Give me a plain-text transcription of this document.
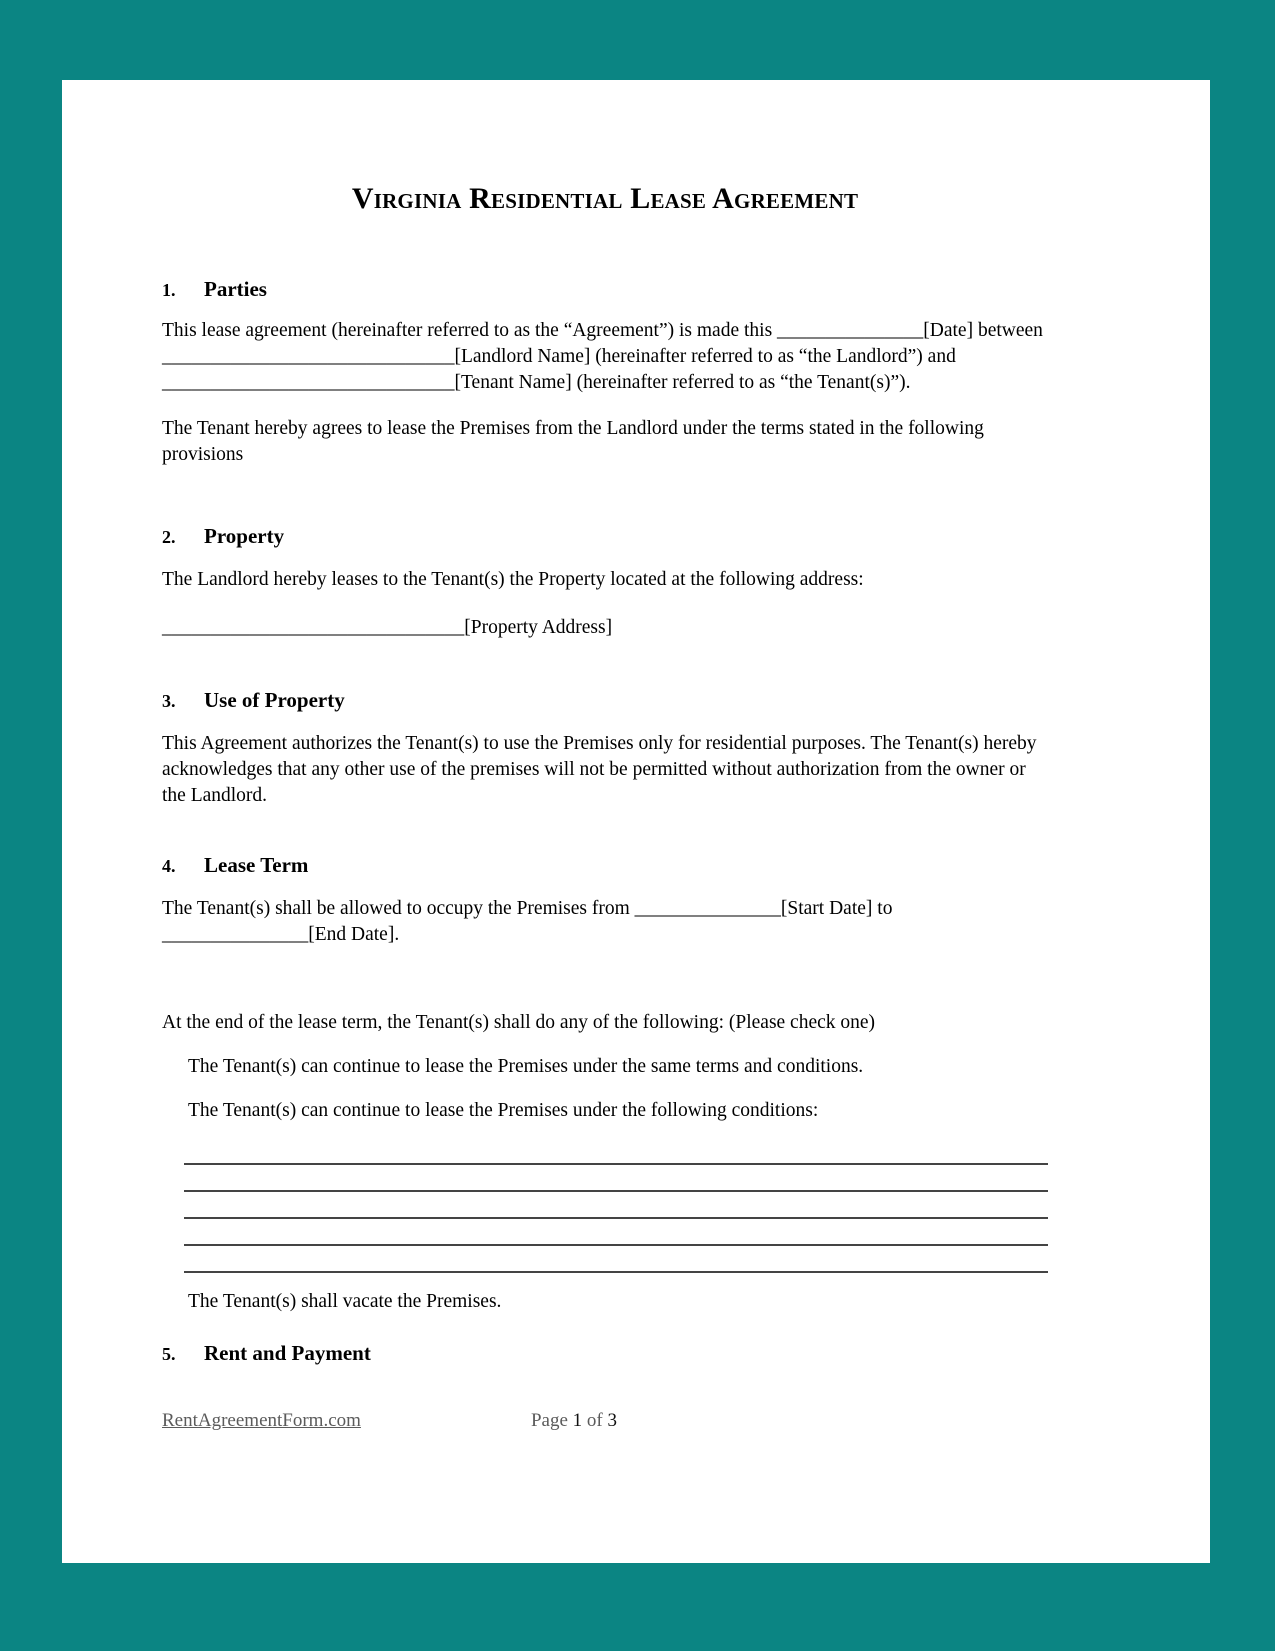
Virginia Residential Lease Agreement
1.	Parties

This lease agreement (hereinafter referred to as the “Agreement”) is made this _______________[Date] between ______________________________[Landlord Name] (hereinafter referred to as “the Landlord”) and ______________________________[Tenant Name] (hereinafter referred to as “the Tenant(s)”).

The Tenant hereby agrees to lease the Premises from the Landlord under the terms stated in the following provisions

2.	Property

The Landlord hereby leases to the Tenant(s) the Property located at the following address:

_______________________________[Property Address]

3.	Use of Property

This Agreement authorizes the Tenant(s) to use the Premises only for residential purposes. The Tenant(s) hereby acknowledges that any other use of the premises will not be permitted without authorization from the owner or the Landlord.

4.	Lease Term

The Tenant(s) shall be allowed to occupy the Premises from _______________[Start Date] to _______________[End Date].

At the end of the lease term, the Tenant(s) shall do any of the following: (Please check one)

The Tenant(s) can continue to lease the Premises under the same terms and conditions.

The Tenant(s) can continue to lease the Premises under the following conditions:

The Tenant(s) shall vacate the Premises.

5.	Rent and Payment
RentAgreementForm.com	Page 1 of 3
